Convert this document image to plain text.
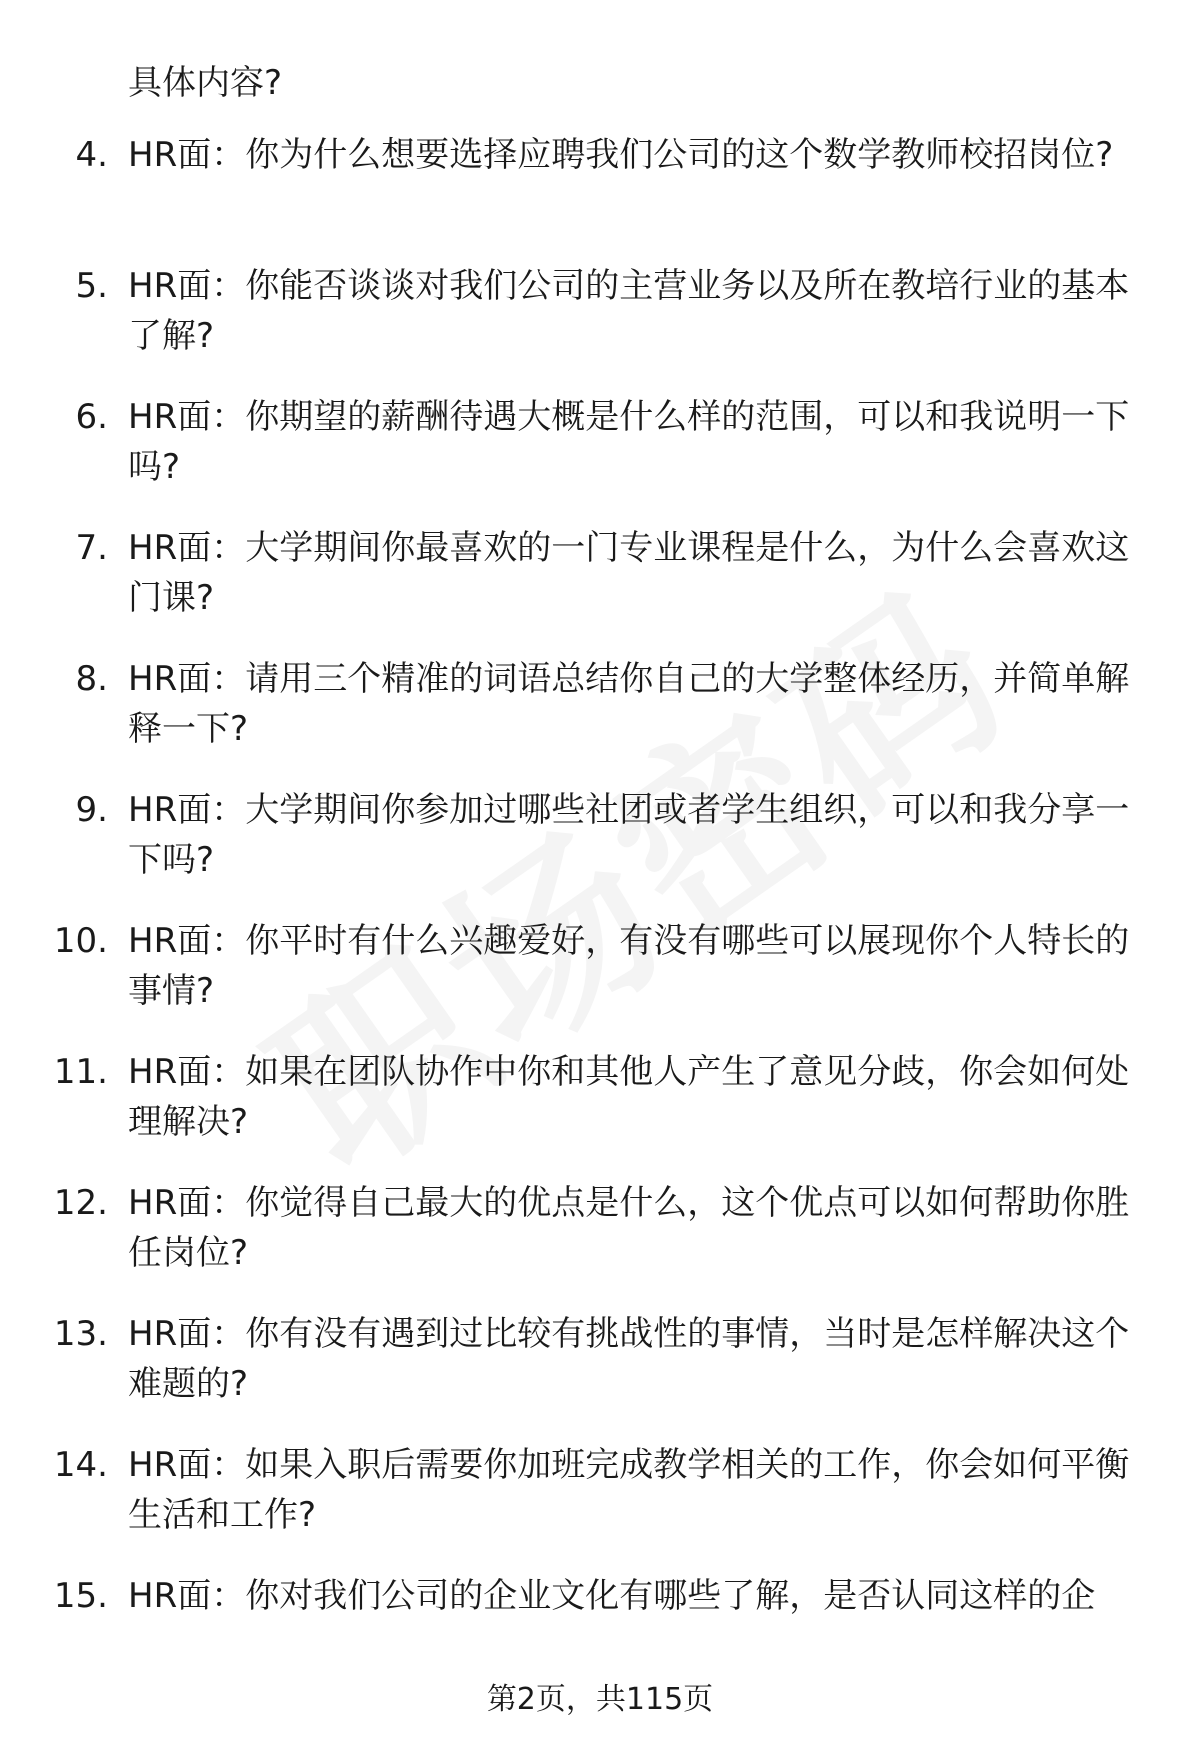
具体内容?
4. HR面：你为什么想要选择应聘我们公司的这个数学教师校招岗位?
5. HR面：你能否谈谈对我们公司的主营业务以及所在教培行业的基本了解?
6. HR面：你期望的薪酬待遇大概是什么样的范围，可以和我说明一下吗?
7. HR面：大学期间你最喜欢的一门专业课程是什么，为什么会喜欢这门课?
8. HR面：请用三个精准的词语总结你自己的大学整体经历，并简单解释一下?
9. HR面：大学期间你参加过哪些社团或者学生组织，可以和我分享一下吗?
10. HR面：你平时有什么兴趣爱好，有没有哪些可以展现你个人特长的事情?
11. HR面：如果在团队协作中你和其他人产生了意见分歧，你会如何处理解决?
12. HR面：你觉得自己最大的优点是什么，这个优点可以如何帮助你胜任岗位?
13. HR面：你有没有遇到过比较有挑战性的事情，当时是怎样解决这个难题的?
14. HR面：如果入职后需要你加班完成教学相关的工作，你会如何平衡生活和工作?
15. HR面：你对我们公司的企业文化有哪些了解，是否认同这样的企
第2页，共115页
